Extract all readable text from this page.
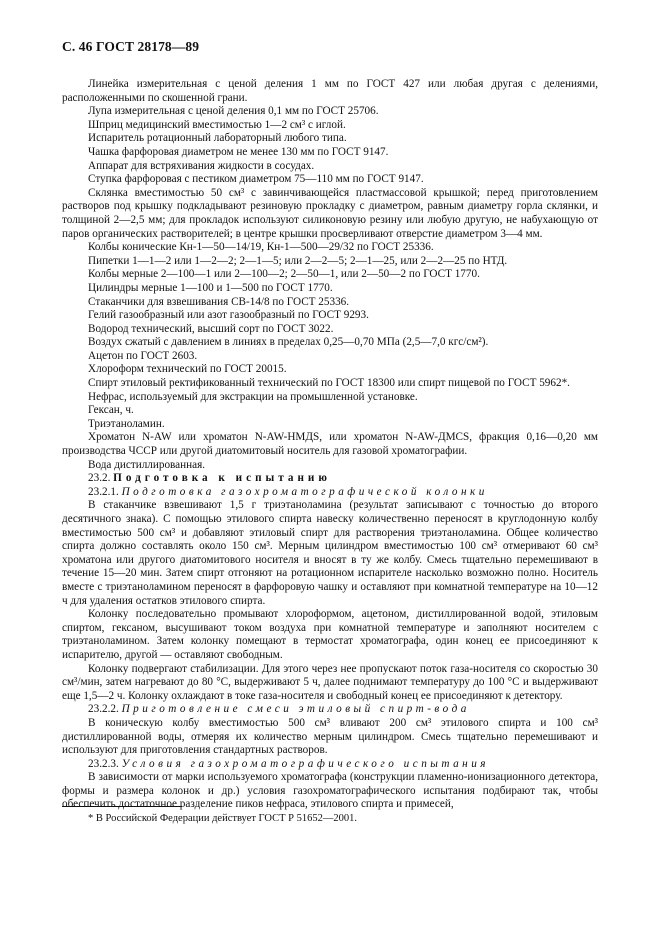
С. 46 ГОСТ 28178—89

Линейка измерительная с ценой деления 1 мм по ГОСТ 427 или любая другая с делениями, расположенными по скошенной грани.

Лупа измерительная с ценой деления 0,1 мм по ГОСТ 25706.

Шприц медицинский вместимостью 1—2 см³ с иглой.

Испаритель ротационный лабораторный любого типа.

Чашка фарфоровая диаметром не менее 130 мм по ГОСТ 9147.

Аппарат для встряхивания жидкости в сосудах.

Ступка фарфоровая с пестиком диаметром 75—110 мм по ГОСТ 9147.

Склянка вместимостью 50 см³ с завинчивающейся пластмассовой крышкой; перед приготовлением растворов под крышку подкладывают резиновую прокладку с диаметром, равным диаметру горла склянки, и толщиной 2—2,5 мм; для прокладок используют силиконовую резину или любую другую, не набухающую от паров органических растворителей; в центре крышки просверливают отверстие диаметром 3—4 мм.

Колбы конические Кн-1—50—14/19, Кн-1—500—29/32 по ГОСТ 25336.

Пипетки 1—1—2 или 1—2—2; 2—1—5; или 2—2—5; 2—1—25, или 2—2—25 по НТД.

Колбы мерные 2—100—1 или 2—100—2; 2—50—1, или 2—50—2 по ГОСТ 1770.

Цилиндры мерные 1—100 и 1—500 по ГОСТ 1770.

Стаканчики для взвешивания СВ-14/8 по ГОСТ 25336.

Гелий газообразный или азот газообразный по ГОСТ 9293.

Водород технический, высший сорт по ГОСТ 3022.

Воздух сжатый с давлением в линиях в пределах 0,25—0,70 МПа (2,5—7,0 кгс/см²).

Ацетон по ГОСТ 2603.

Хлороформ технический по ГОСТ 20015.

Спирт этиловый ректификованный технический по ГОСТ 18300 или спирт пищевой по ГОСТ 5962*.

Нефрас, используемый для экстракции на промышленной установке.

Гексан, ч.

Триэтаноламин.

Хроматон N-AW или хроматон N-AW-HMДS, или хроматон N-AW-ДМCS, фракция 0,16—0,20 мм производства ЧССР или другой диатомитовый носитель для газовой хроматографии.

Вода дистиллированная.

23.2. Подготовка к испытанию

23.2.1. Подготовка газохроматографической колонки

В стаканчике взвешивают 1,5 г триэтаноламина (результат записывают с точностью до второго десятичного знака). С помощью этилового спирта навеску количественно переносят в круглодонную колбу вместимостью 500 см³ и добавляют этиловый спирт для растворения триэтаноламина. Общее количество спирта должно составлять около 150 см³. Мерным цилиндром вместимостью 100 см³ отмеривают 60 см³ хроматона или другого диатомитового носителя и вносят в ту же колбу. Смесь тщательно перемешивают в течение 15—20 мин. Затем спирт отгоняют на ротационном испарителе насколько возможно полно. Носитель вместе с триэтаноламином переносят в фарфоровую чашку и оставляют при комнатной температуре на 10—12 ч для удаления остатков этилового спирта.

Колонку последовательно промывают хлороформом, ацетоном, дистиллированной водой, этиловым спиртом, гексаном, высушивают током воздуха при комнатной температуре и заполняют носителем с триэтаноламином. Затем колонку помещают в термостат хроматографа, один конец ее присоединяют к испарителю, другой — оставляют свободным.

Колонку подвергают стабилизации. Для этого через нее пропускают поток газа-носителя со скоростью 30 см³/мин, затем нагревают до 80 °С, выдерживают 5 ч, далее поднимают температуру до 100 °С и выдерживают еще 1,5—2 ч. Колонку охлаждают в токе газа-носителя и свободный конец ее присоединяют к детектору.

23.2.2. Приготовление смеси этиловый спирт-вода

В коническую колбу вместимостью 500 см³ вливают 200 см³ этилового спирта и 100 см³ дистиллированной воды, отмеряя их количество мерным цилиндром. Смесь тщательно перемешивают и используют для приготовления стандартных растворов.

23.2.3. Условия газохроматографического испытания

В зависимости от марки используемого хроматографа (конструкции пламенно-ионизационного детектора, формы и размера колонок и др.) условия газохроматографического испытания подбирают так, чтобы обеспечить достаточное разделение пиков нефраса, этилового спирта и примесей,

* В Российской Федерации действует ГОСТ Р 51652—2001.
